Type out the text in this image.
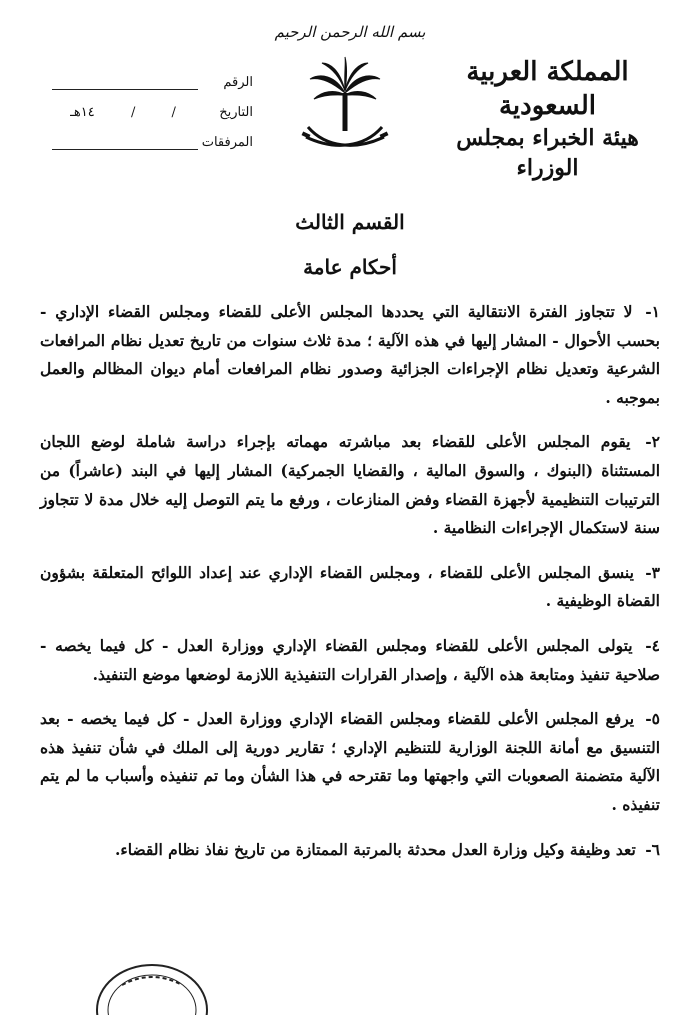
بسم الله الرحمن الرحيم
المملكة العربية السعودية
هيئة الخبراء بمجلس الوزراء
الرقم
التاريخ
/
/
١٤هـ
المرفقات
القسم الثالث
أحكام عامة
١- لا تتجاوز الفترة الانتقالية التي يحددها المجلس الأعلى للقضاء ومجلس القضاء الإداري - بحسب الأحوال - المشار إليها في هذه الآلية ؛ مدة ثلاث سنوات من تاريخ تعديل نظام المرافعات الشرعية وتعديل نظام الإجراءات الجزائية وصدور نظام المرافعات أمام ديوان المظالم والعمل بموجبه .
٢- يقوم المجلس الأعلى للقضاء بعد مباشرته مهماته بإجراء دراسة شاملة لوضع اللجان المستثناة (البنوك ، والسوق المالية ، والقضايا الجمركية) المشار إليها في البند (عاشراً) من الترتيبات التنظيمية لأجهزة القضاء وفض المنازعات ، ورفع ما يتم التوصل إليه خلال مدة لا تتجاوز سنة لاستكمال الإجراءات النظامية .
٣- ينسق المجلس الأعلى للقضاء ، ومجلس القضاء الإداري عند إعداد اللوائح المتعلقة بشؤون القضاة الوظيفية .
٤- يتولى المجلس الأعلى للقضاء ومجلس القضاء الإداري ووزارة العدل - كل فيما يخصه - صلاحية تنفيذ ومتابعة هذه الآلية ، وإصدار القرارات التنفيذية اللازمة لوضعها موضع التنفيذ.
٥- يرفع المجلس الأعلى للقضاء ومجلس القضاء الإداري ووزارة العدل - كل فيما يخصه - بعد التنسيق مع أمانة اللجنة الوزارية للتنظيم الإداري ؛ تقارير دورية إلى الملك في شأن تنفيذ هذه الآلية متضمنة الصعوبات التي واجهتها وما تقترحه في هذا الشأن وما تم تنفيذه وأسباب ما لم يتم تنفيذه .
٦- تعد وظيفة وكيل وزارة العدل محدثة بالمرتبة الممتازة من تاريخ نفاذ نظام القضاء.
